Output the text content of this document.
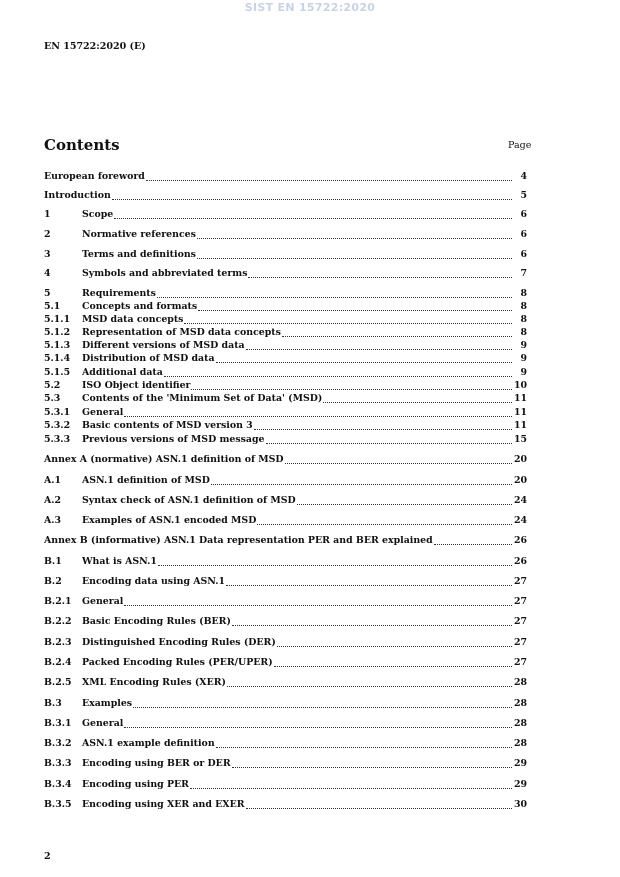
SIST EN 15722:2020
EN 15722:2020 (E)
Contents	Page
European foreword	4
Introduction	5
1	Scope	6
2	Normative references	6
3	Terms and definitions	6
4	Symbols and abbreviated terms	7
5	Requirements	8
5.1	Concepts and formats	8
5.1.1	MSD data concepts	8
5.1.2	Representation of MSD data concepts	8
5.1.3	Different versions of MSD data	9
5.1.4	Distribution of MSD data	9
5.1.5	Additional data	9
5.2	ISO Object identifier	10
5.3	Contents of the 'Minimum Set of Data' (MSD)	11
5.3.1	General	11
5.3.2	Basic contents of MSD version 3	11
5.3.3	Previous versions of MSD message	15
Annex A (normative) ASN.1 definition of MSD	20
A.1	ASN.1 definition of MSD	20
A.2	Syntax check of ASN.1 definition of MSD	24
A.3	Examples of ASN.1 encoded MSD	24
Annex B (informative) ASN.1 Data representation PER and BER explained	26
B.1	What is ASN.1	26
B.2	Encoding data using ASN.1	27
B.2.1	General	27
B.2.2	Basic Encoding Rules (BER)	27
B.2.3	Distinguished Encoding Rules (DER)	27
B.2.4	Packed Encoding Rules (PER/UPER)	27
B.2.5	XML Encoding Rules (XER)	28
B.3	Examples	28
B.3.1	General	28
B.3.2	ASN.1 example definition	28
B.3.3	Encoding using BER or DER	29
B.3.4	Encoding using PER	29
B.3.5	Encoding using XER and EXER	30
2
